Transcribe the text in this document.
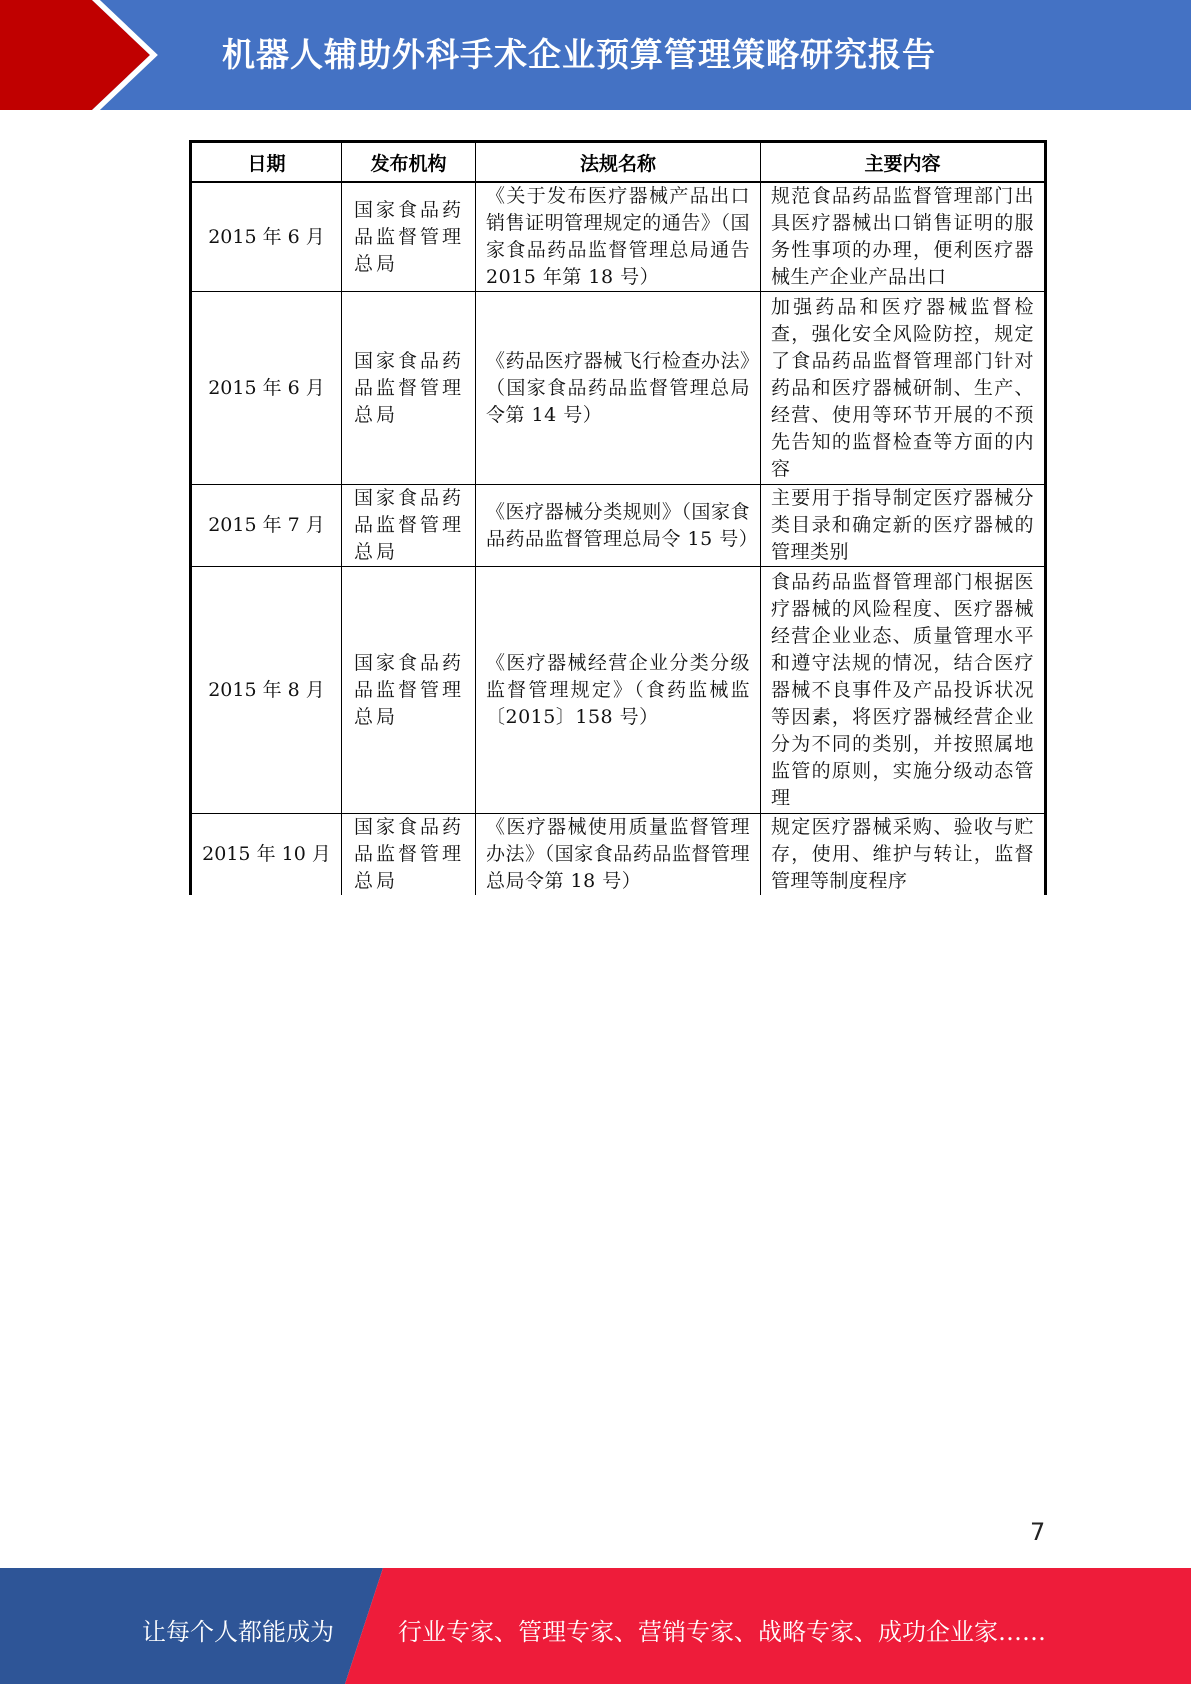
机器人辅助外科手术企业预算管理策略研究报告
日期	发布机构	法规名称	主要内容
2015 年 6 月	国家食品药品监督管理总局	《关于发布医疗器械产品出口销售证明管理规定的通告》（国家食品药品监督管理总局通告 2015 年第 18 号）	规范食品药品监督管理部门出具医疗器械出口销售证明的服务性事项的办理，便利医疗器械生产企业产品出口
2015 年 6 月	国家食品药品监督管理总局	《药品医疗器械飞行检查办法》（国家食品药品监督管理总局令第 14 号）	加强药品和医疗器械监督检查，强化安全风险防控，规定了食品药品监督管理部门针对药品和医疗器械研制、生产、经营、使用等环节开展的不预先告知的监督检查等方面的内容
2015 年 7 月	国家食品药品监督管理总局	《医疗器械分类规则》（国家食品药品监督管理总局令 15 号）	主要用于指导制定医疗器械分类目录和确定新的医疗器械的管理类别
2015 年 8 月	国家食品药品监督管理总局	《医疗器械经营企业分类分级监督管理规定》（食药监械监〔2015〕158 号）	食品药品监督管理部门根据医疗器械的风险程度、医疗器械经营企业业态、质量管理水平和遵守法规的情况，结合医疗器械不良事件及产品投诉状况等因素，将医疗器械经营企业分为不同的类别，并按照属地监管的原则，实施分级动态管理
2015 年 10 月	国家食品药品监督管理总局	《医疗器械使用质量监督管理办法》（国家食品药品监督管理总局令第 18 号）	规定医疗器械采购、验收与贮存，使用、维护与转让，监督管理等制度程序
7
让每个人都能成为	行业专家、管理专家、营销专家、战略专家、成功企业家……
